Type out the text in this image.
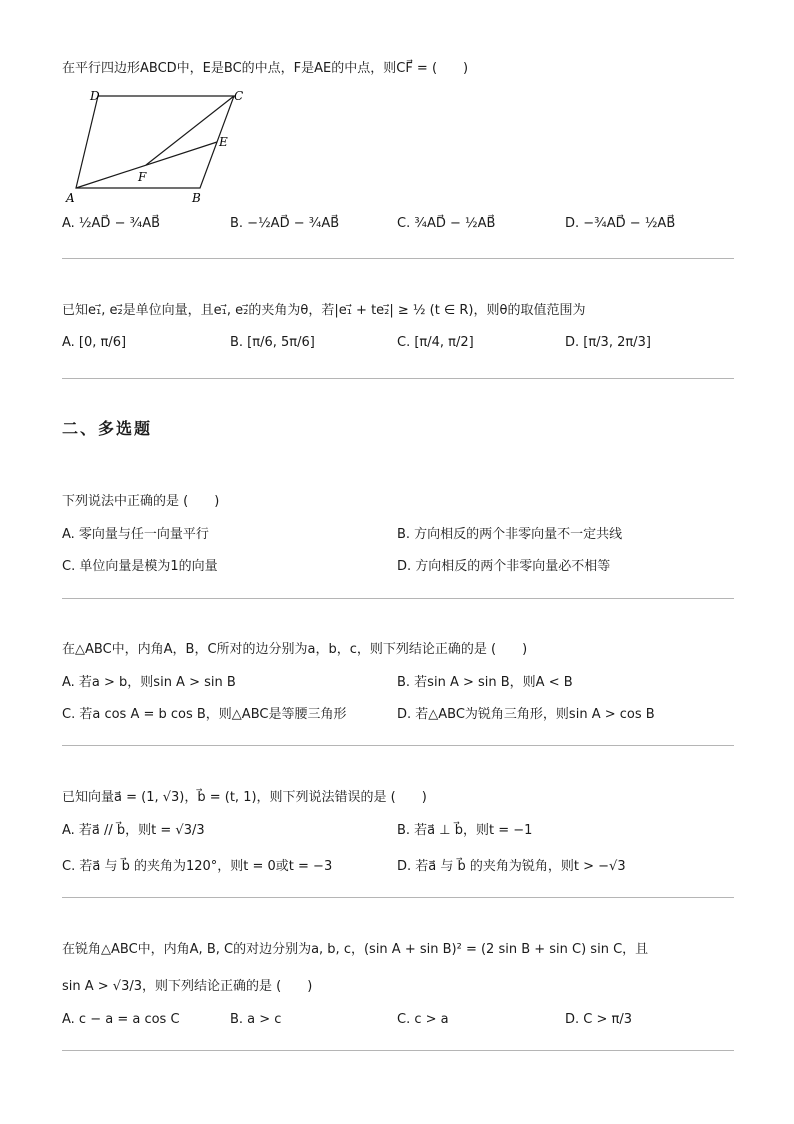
在平行四边形ABCD中，E是BC的中点，F是AE的中点，则CF⃗ = (　　)
D	C
E
F
A	B
A. ½AD⃗ − ¾AB⃗	B. −½AD⃗ − ¾AB⃗	C. ¾AD⃗ − ½AB⃗	D. −¾AD⃗ − ½AB⃗
已知e₁⃗, e₂⃗是单位向量，且e₁⃗, e₂⃗的夹角为θ，若|e₁⃗ + te₂⃗| ≥ ½ (t ∈ R)，则θ的取值范围为
A. [0, π/6]	B. [π/6, 5π/6]	C. [π/4, π/2]	D. [π/3, 2π/3]
二、多选题
下列说法中正确的是 (　　)
A. 零向量与任一向量平行	B. 方向相反的两个非零向量不一定共线
C. 单位向量是模为1的向量	D. 方向相反的两个非零向量必不相等
在△ABC中，内角A，B，C所对的边分别为a，b，c，则下列结论正确的是 (　　)
A. 若a > b，则sin A > sin B	B. 若sin A > sin B，则A < B
C. 若a cos A = b cos B，则△ABC是等腰三角形	D. 若△ABC为锐角三角形，则sin A > cos B
已知向量a⃗ = (1, √3)，b⃗ = (t, 1)，则下列说法错误的是 (　　)
A. 若a⃗ // b⃗，则t = √3/3	B. 若a⃗ ⊥ b⃗，则t = −1
C. 若a⃗ 与 b⃗ 的夹角为120°，则t = 0或t = −3	D. 若a⃗ 与 b⃗ 的夹角为锐角，则t > −√3
在锐角△ABC中，内角A, B, C的对边分别为a, b, c，(sin A + sin B)² = (2 sin B + sin C) sin C，且
sin A > √3/3，则下列结论正确的是 (　　)
A. c − a = a cos C	B. a > c	C. c > a	D. C > π/3
